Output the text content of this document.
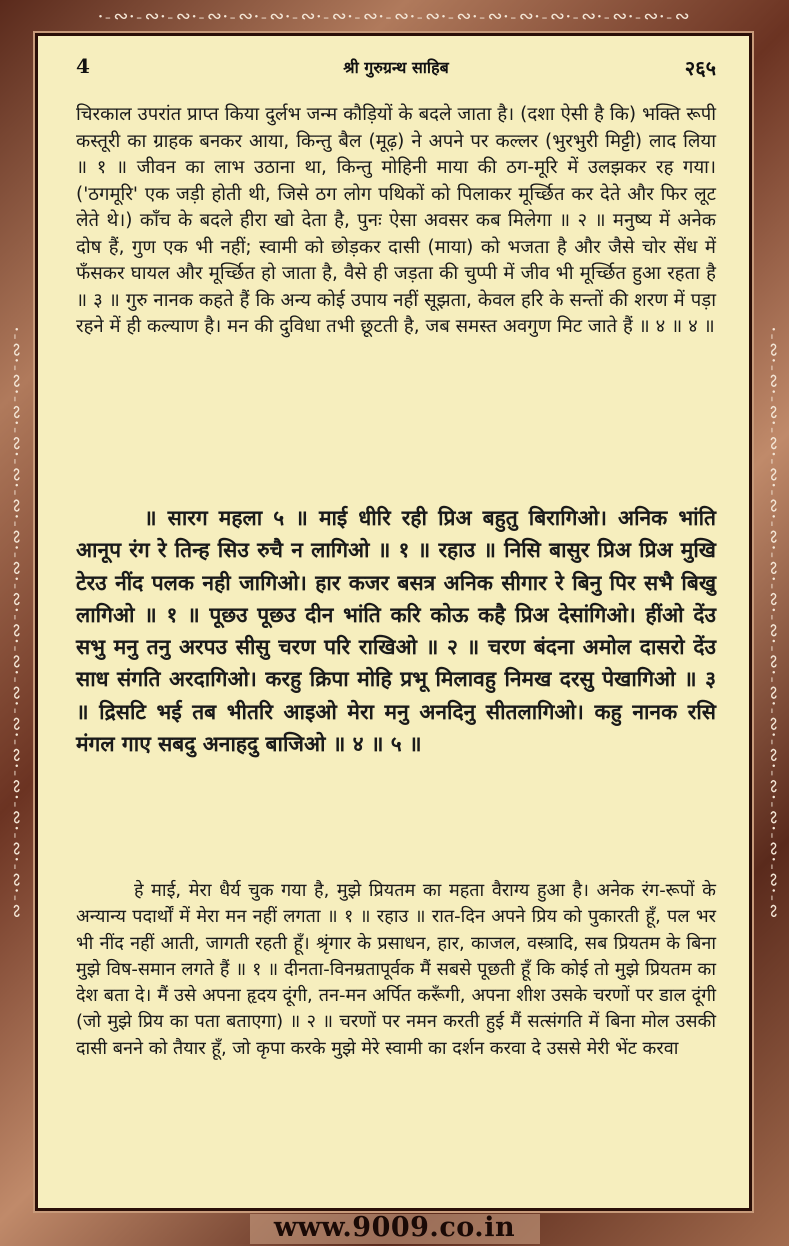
•ꩽ∾•ꩽ∾•ꩽ∾•ꩽ∾•ꩽ∾•ꩽ∾•ꩽ∾•ꩽ∾•ꩽ∾•ꩽ∾•ꩽ∾•ꩽ∾•ꩽ∾•ꩽ∾•ꩽ∾•ꩽ∾•ꩽ∾•ꩽ∾•ꩽ∾
•ꩽ∾•ꩽ∾•ꩽ∾•ꩽ∾•ꩽ∾•ꩽ∾•ꩽ∾•ꩽ∾•ꩽ∾•ꩽ∾•ꩽ∾•ꩽ∾•ꩽ∾•ꩽ∾•ꩽ∾•ꩽ∾•ꩽ∾•ꩽ∾•ꩽ∾	•ꩽ∾•ꩽ∾•ꩽ∾•ꩽ∾•ꩽ∾•ꩽ∾•ꩽ∾•ꩽ∾•ꩽ∾•ꩽ∾•ꩽ∾•ꩽ∾•ꩽ∾•ꩽ∾•ꩽ∾•ꩽ∾•ꩽ∾•ꩽ∾•ꩽ∾
4	श्री गुरुग्रन्थ साहिब	२६५
चिरकाल उपरांत प्राप्त किया दुर्लभ जन्म कौड़ियों के बदले जाता है। (दशा ऐसी है कि) भक्ति रूपी कस्तूरी का ग्राहक बनकर आया, किन्तु बैल (मूढ़) ने अपने पर कल्लर (भुरभुरी मिट्टी) लाद लिया ॥ १ ॥ जीवन का लाभ उठाना था, किन्तु मोहिनी माया की ठग-मूरि में उलझकर रह गया। ('ठगमूरि' एक जड़ी होती थी, जिसे ठग लोग पथिकों को पिलाकर मूर्च्छित कर देते और फिर लूट लेते थे।) काँच के बदले हीरा खो देता है, पुनः ऐसा अवसर कब मिलेगा ॥ २ ॥ मनुष्य में अनेक दोष हैं, गुण एक भी नहीं; स्वामी को छोड़कर दासी (माया) को भजता है और जैसे चोर सेंध में फँसकर घायल और मूर्च्छित हो जाता है, वैसे ही जड़ता की चुप्पी में जीव भी मूर्च्छित हुआ रहता है ॥ ३ ॥ गुरु नानक कहते हैं कि अन्य कोई उपाय नहीं सूझता, केवल हरि के सन्तों की शरण में पड़ा रहने में ही कल्याण है। मन की दुविधा तभी छूटती है, जब समस्त अवगुण मिट जाते हैं ॥ ४ ॥ ४ ॥
॥ सारग महला ५ ॥ माई धीरि रही प्रिअ बहुतु बिरागिओ। अनिक भांति आनूप रंग रे तिन्ह सिउ रुचै न लागिओ ॥ १ ॥ रहाउ ॥ निसि बासुर प्रिअ प्रिअ मुखि टेरउ नींद पलक नही जागिओ। हार कजर बसत्र अनिक सीगार रे बिनु पिर सभै बिखु लागिओ ॥ १ ॥ पूछउ पूछउ दीन भांति करि कोऊ कहै प्रिअ देसांगिओ। हींओ देंउ सभु मनु तनु अरपउ सीसु चरण परि राखिओ ॥ २ ॥ चरण बंदना अमोल दासरो देंउ साध संगति अरदागिओ। करहु क्रिपा मोहि प्रभू मिलावहु निमख दरसु पेखागिओ ॥ ३ ॥ द्रिसटि भई तब भीतरि आइओ मेरा मनु अनदिनु सीतलागिओ। कहु नानक रसि मंगल गाए सबदु अनाहदु बाजिओ ॥ ४ ॥ ५ ॥
हे माई, मेरा धैर्य चुक गया है, मुझे प्रियतम का महता वैराग्य हुआ है। अनेक रंग-रूपों के अन्यान्य पदार्थों में मेरा मन नहीं लगता ॥ १ ॥ रहाउ ॥ रात-दिन अपने प्रिय को पुकारती हूँ, पल भर भी नींद नहीं आती, जागती रहती हूँ। श्रृंगार के प्रसाधन, हार, काजल, वस्त्रादि, सब प्रियतम के बिना मुझे विष-समान लगते हैं ॥ १ ॥ दीनता-विनम्रतापूर्वक मैं सबसे पूछती हूँ कि कोई तो मुझे प्रियतम का देश बता दे। मैं उसे अपना हृदय दूंगी, तन-मन अर्पित करूँगी, अपना शीश उसके चरणों पर डाल दूंगी (जो मुझे प्रिय का पता बताएगा) ॥ २ ॥ चरणों पर नमन करती हुई मैं सत्संगति में बिना मोल उसकी दासी बनने को तैयार हूँ, जो कृपा करके मुझे मेरे स्वामी का दर्शन करवा दे उससे मेरी भेंट करवा
www.9009.co.in
